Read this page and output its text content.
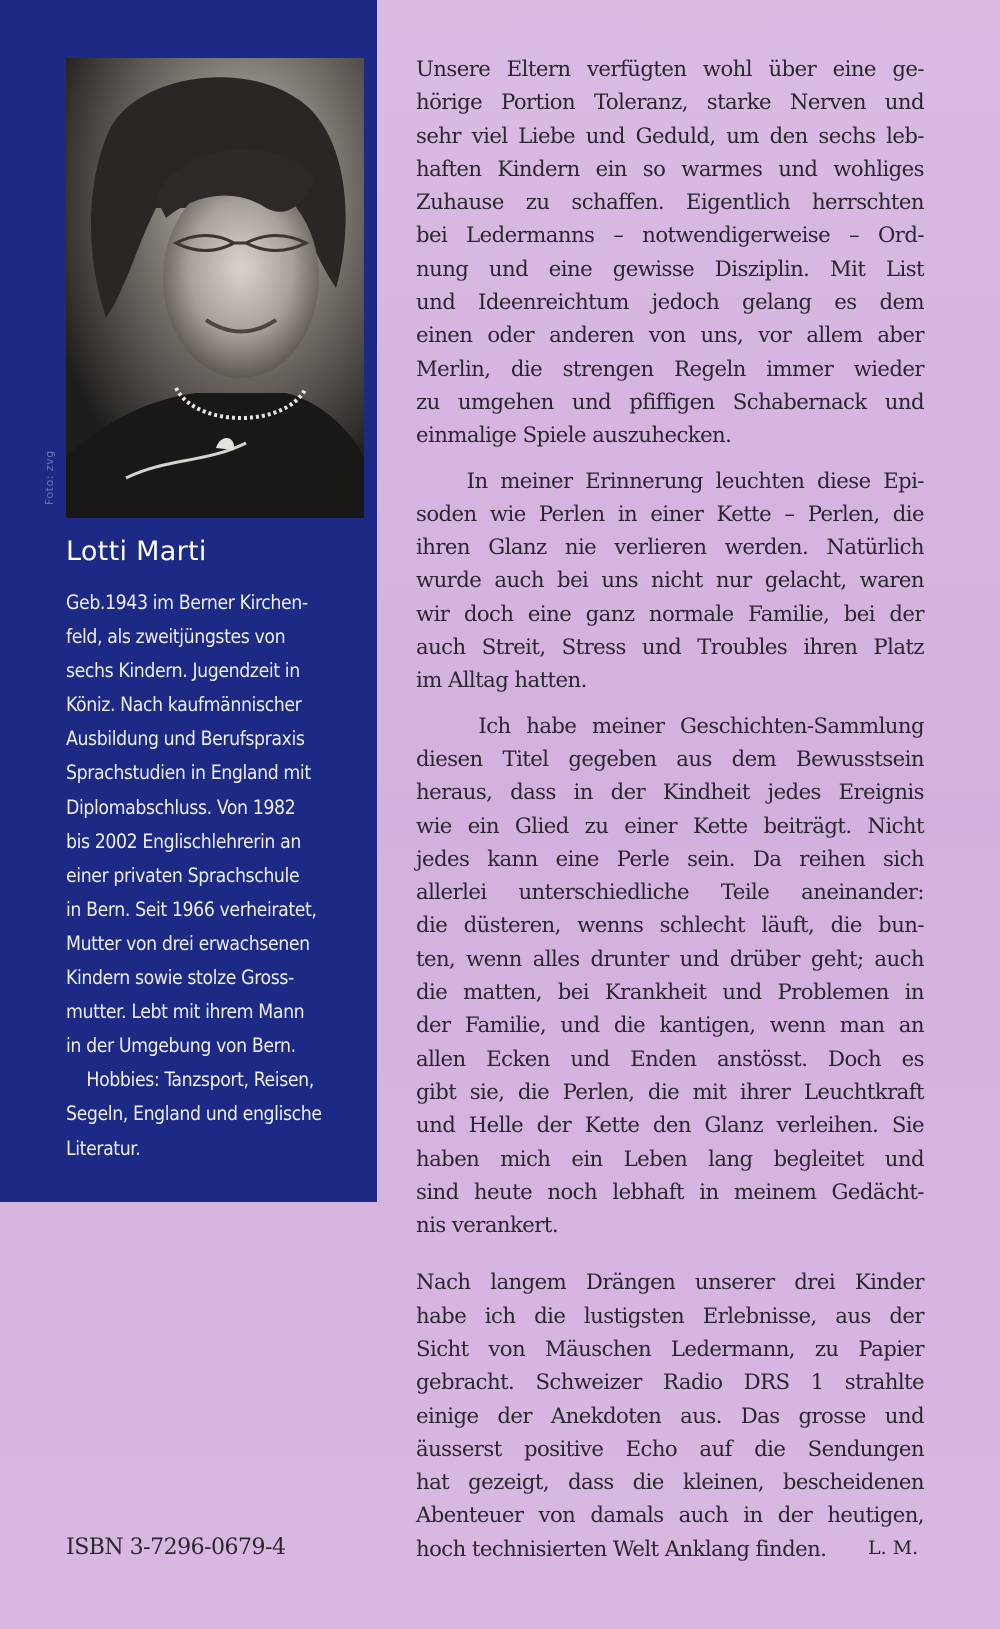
Foto: zvg
Lotti Marti
Geb.1943 im Berner Kirchen-
feld, als zweitjüngstes von
sechs Kindern. Jugendzeit in
Köniz. Nach kaufmännischer
Ausbildung und Berufspraxis
Sprachstudien in England mit
Diplomabschluss. Von 1982
bis 2002 Englischlehrerin an
einer privaten Sprachschule
in Bern. Seit 1966 verheiratet,
Mutter von drei erwachsenen
Kindern sowie stolze Gross-
mutter. Lebt mit ihrem Mann
in der Umgebung von Bern.
Hobbies: Tanzsport, Reisen,
Segeln, England und englische
Literatur.
Unsere Eltern verfügten wohl über eine ge-
hörige Portion Toleranz, starke Nerven und
sehr viel Liebe und Geduld, um den sechs leb-
haften Kindern ein so warmes und wohliges
Zuhause zu schaffen. Eigentlich herrschten
bei Ledermanns – notwendigerweise – Ord-
nung und eine gewisse Disziplin. Mit List
und Ideenreichtum jedoch gelang es dem
einen oder anderen von uns, vor allem aber
Merlin, die strengen Regeln immer wieder
zu umgehen und pfiffigen Schabernack und
einmalige Spiele auszuhecken.
In meiner Erinnerung leuchten diese Epi-
soden wie Perlen in einer Kette – Perlen, die
ihren Glanz nie verlieren werden. Natürlich
wurde auch bei uns nicht nur gelacht, waren
wir doch eine ganz normale Familie, bei der
auch Streit, Stress und Troubles ihren Platz
im Alltag hatten.
Ich habe meiner Geschichten-Sammlung
diesen Titel gegeben aus dem Bewusstsein
heraus, dass in der Kindheit jedes Ereignis
wie ein Glied zu einer Kette beiträgt. Nicht
jedes kann eine Perle sein. Da reihen sich
allerlei unterschiedliche Teile aneinander:
die düsteren, wenns schlecht läuft, die bun-
ten, wenn alles drunter und drüber geht; auch
die matten, bei Krankheit und Problemen in
der Familie, und die kantigen, wenn man an
allen Ecken und Enden anstösst. Doch es
gibt sie, die Perlen, die mit ihrer Leuchtkraft
und Helle der Kette den Glanz verleihen. Sie
haben mich ein Leben lang begleitet und
sind heute noch lebhaft in meinem Gedächt-
nis verankert.
Nach langem Drängen unserer drei Kinder
habe ich die lustigsten Erlebnisse, aus der
Sicht von Mäuschen Ledermann, zu Papier
gebracht. Schweizer Radio DRS 1 strahlte
einige der Anekdoten aus. Das grosse und
äusserst positive Echo auf die Sendungen
hat gezeigt, dass die kleinen, bescheidenen
Abenteuer von damals auch in der heutigen,
hoch technisierten Welt Anklang finden.
ISBN 3-7296-0679-4	L. M.
